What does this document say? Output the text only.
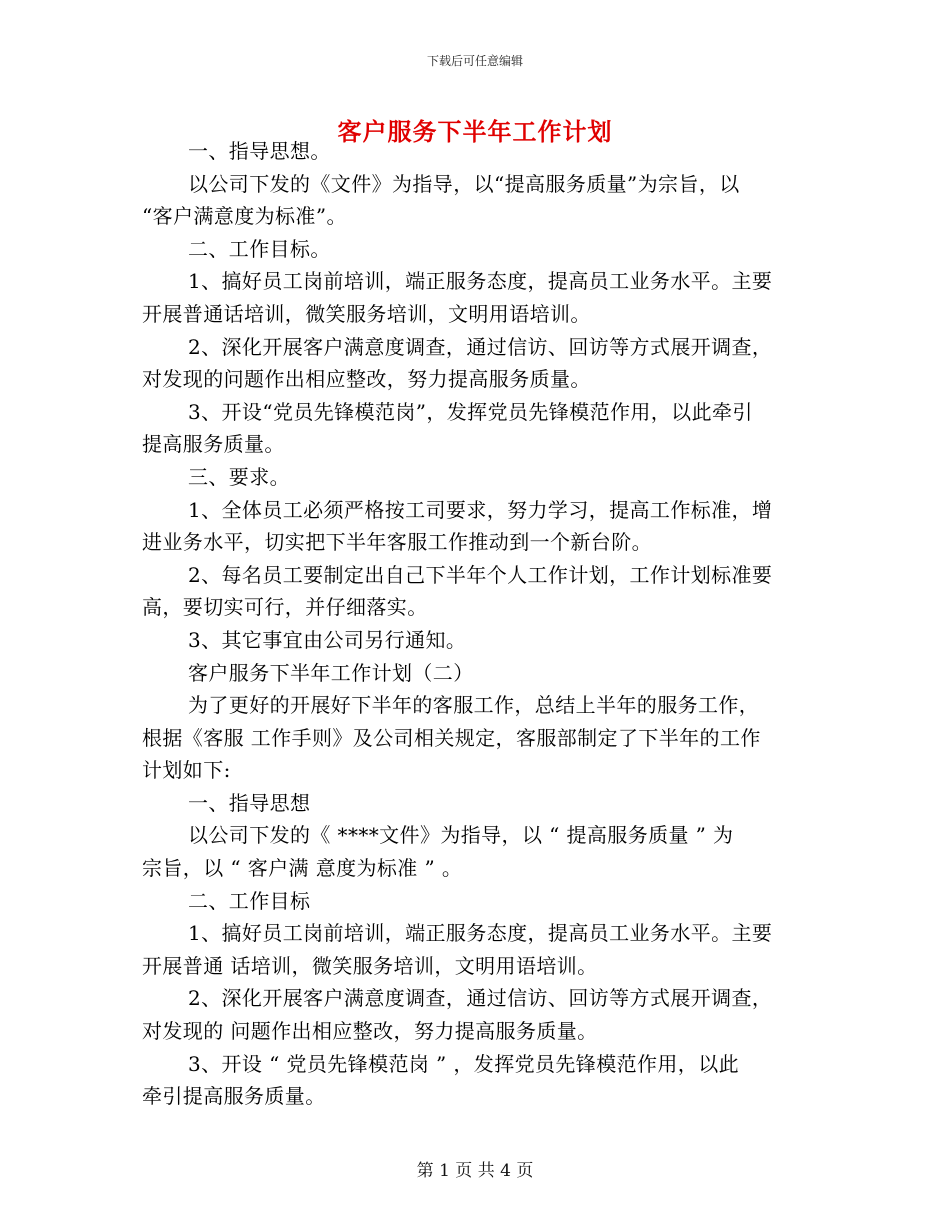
下载后可任意编辑
客户服务下半年工作计划
一、指导思想。
以公司下发的《文件》为指导，以“提高服务质量”为宗旨，以
“客户满意度为标准”。
二、工作目标。
1、搞好员工岗前培训，端正服务态度，提高员工业务水平。主要
开展普通话培训，微笑服务培训，文明用语培训。
2、深化开展客户满意度调查，通过信访、回访等方式展开调查，
对发现的问题作出相应整改，努力提高服务质量。
3、开设“党员先锋模范岗”，发挥党员先锋模范作用，以此牵引
提高服务质量。
三、要求。
1、全体员工必须严格按工司要求，努力学习，提高工作标准，增
进业务水平，切实把下半年客服工作推动到一个新台阶。
2、每名员工要制定出自己下半年个人工作计划，工作计划标准要
高，要切实可行，并仔细落实。
3、其它事宜由公司另行通知。
客户服务下半年工作计划（二）
为了更好的开展好下半年的客服工作，总结上半年的服务工作，
根据《客服 工作手则》及公司相关规定，客服部制定了下半年的工作
计划如下:
一、指导思想
以公司下发的《 ****文件》为指导，以 “ 提高服务质量 ” 为
宗旨，以 “ 客户满 意度为标准 ” 。
二、工作目标
1、搞好员工岗前培训，端正服务态度，提高员工业务水平。主要
开展普通 话培训，微笑服务培训，文明用语培训。
2、深化开展客户满意度调查，通过信访、回访等方式展开调查，
对发现的 问题作出相应整改，努力提高服务质量。
3、开设 “ 党员先锋模范岗 ” ，发挥党员先锋模范作用，以此
牵引提高服务质量。
第 1 页 共 4 页
